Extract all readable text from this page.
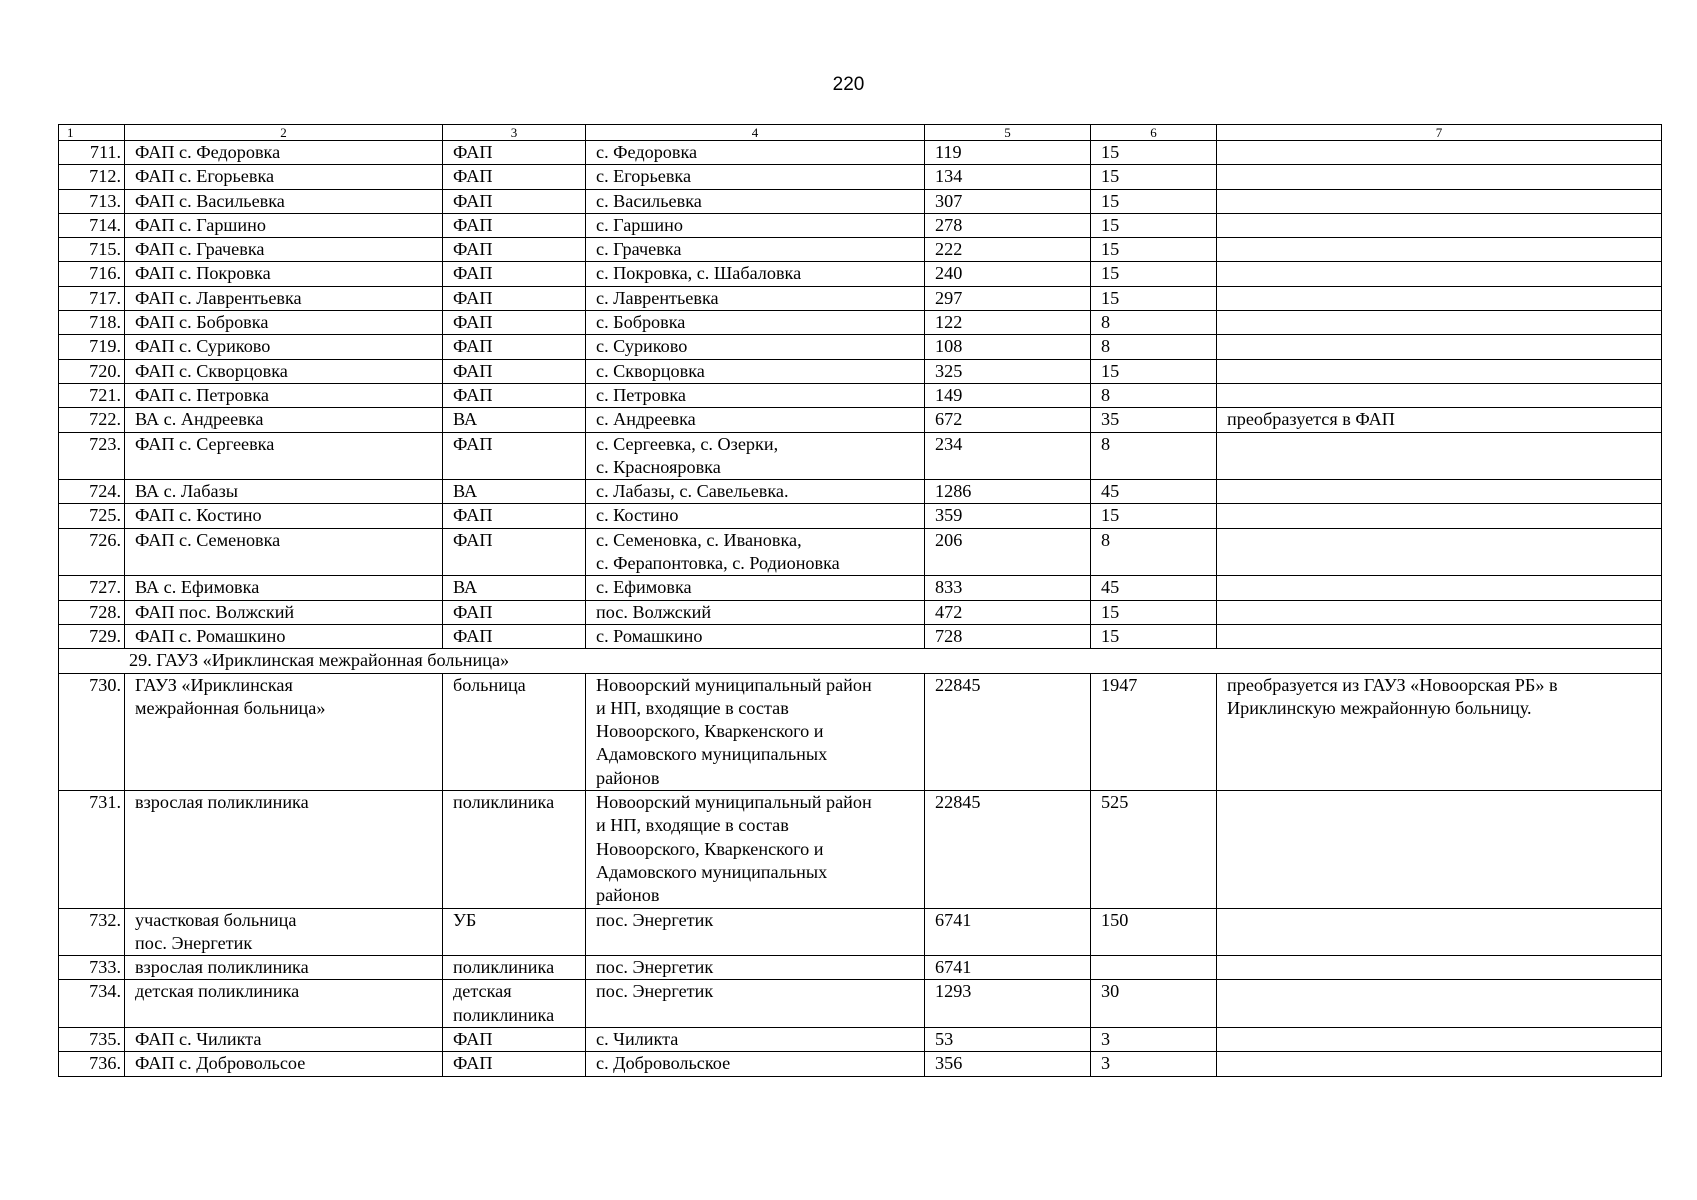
220
1	2	3	4	5	6	7
711.	ФАП с. Федоровка	ФАП	с. Федоровка	119	15	
712.	ФАП с. Егорьевка	ФАП	с. Егорьевка	134	15	
713.	ФАП с. Васильевка	ФАП	с. Васильевка	307	15	
714.	ФАП с. Гаршино	ФАП	с. Гаршино	278	15	
715.	ФАП с. Грачевка	ФАП	с. Грачевка	222	15	
716.	ФАП с. Покровка	ФАП	с. Покровка, с. Шабаловка	240	15	
717.	ФАП с. Лаврентьевка	ФАП	с. Лаврентьевка	297	15	
718.	ФАП с. Бобровка	ФАП	с. Бобровка	122	8	
719.	ФАП с. Суриково	ФАП	с. Суриково	108	8	
720.	ФАП с. Скворцовка	ФАП	с. Скворцовка	325	15	
721.	ФАП с. Петровка	ФАП	с. Петровка	149	8	
722.	ВА с. Андреевка	ВА	с. Андреевка	672	35	преобразуется в ФАП

723.	ФАП с. Сергеевка	ФАП	с. Сергеевка, с. Озерки,
с. Краснояровка	234	8	
724.	ВА с. Лабазы	ВА	с. Лабазы, с. Савельевка.	1286	45	
725.	ФАП с. Костино	ФАП	с. Костино	359	15	
726.	ФАП с. Семеновка	ФАП	с. Семеновка, с. Ивановка,
с. Ферапонтовка, с. Родионовка	206	8	
727.	ВА с. Ефимовка	ВА	с. Ефимовка	833	45	
728.	ФАП пос. Волжский	ФАП	пос. Волжский	472	15	
729.	ФАП с. Ромашкино	ФАП	с. Ромашкино	728	15	
29. ГАУЗ «Ириклинская межрайонная больница»						
730.	ГАУЗ «Ириклинская
межрайонная больница»	больница	Новоорский муниципальный район
и НП, входящие в состав
Новоорского, Кваркенского и
Адамовского муниципальных
районов	22845	1947	преобразуется из ГАУЗ «Новоорская РБ» в
Ириклинскую межрайонную больницу.

731.	взрослая поликлиника	поликлиника	Новоорский муниципальный район
и НП, входящие в состав
Новоорского, Кваркенского и
Адамовского муниципальных
районов	22845	525	
732.	участковая больница
пос. Энергетик	УБ	пос. Энергетик	6741	150	
733.	взрослая поликлиника	поликлиника	пос. Энергетик	6741		
734.	детская поликлиника	детская
поликлиника	пос. Энергетик	1293	30	
735.	ФАП с. Чиликта	ФАП	с. Чиликта	53	3	
736.	ФАП с. Добровольсое	ФАП	с. Добровольское	356	3	
